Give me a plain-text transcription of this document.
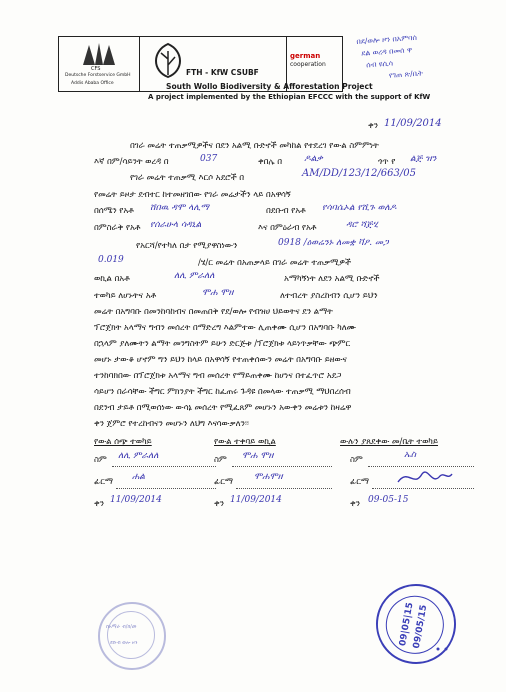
CFS
Deutsche Forstservice GmbH
Addis Ababa Office
FTH - KfW CSUBF
german
cooperation
South Wollo Biodiversity & Afforestation Project
A project implemented by the Ethiopian EFCCC with the support of KfW
በደ/ወሎ ዞን በአምባሰ
ደል ወረዳ በመሰ ዋ
ሰብ ዩሲሳ
የገጠ ጽ/ቤት
ቀን 11/09/2014
በገራ መሬት ተጠቃሚዎችና በደን አልሚ ቡድኖች መካከል የተደረገ የውል ስምምነት
እኛ በም/ሳይንት ወረዳ በ	037	ቀበሌ በ ዶልቃ	ጎጥ የ ልጅ ዝን
የገራ መሬት ተጠቃሚ እርሶ አደሮች በ	AM/DD/123/12/663/05
የመሬት ይዞታ ደብተር ከተመዘገበው የገራ መሬታችን ላይ በአዋሳኝ
በሰሜን የአቶ ሸበዉ ዳሞ ላሊማ	በደቡብ የአቶ የሳባሴኦል የሺጉ ወለዶ
በምስራቅ የአቶ የሰራሁላ ሳዳኒል	እና በምዕራብ የአቶ	ዳሮ ሻጅሂ
የአርሻ/የተካለ በታ የሚያዋስነውን	0918 /ዕወሬንኑ ለመቋ ቫዖ. መጋ
0.019	/ሄ/ር መሬት በአጠቃላይ በገራ መሬት ተጠቃሚዎች
ወኪል በአቶ	ለሊ ምራለለ	አማካኝነት ለደን አልሚ ቡድኖች
ተወካይ ለሆኑትና አቶ	ሞሐ ሞዘ	ለተብረት ያስረከብን ሲሆን ይህን
መሬት በአግባቡ በመንከባከብና በመጠበቅ የደ/ወሎ የብዝሀ ህይወትና ደን ልማት
ፕሮጀክት አላማና ግብን መሰረት በማድረግ እልምተው ሊጠቀሙ ሲሆን በአግባቡ ካለሙ
በኋላም ያለሙትን ልማት መንግስትም ይሁን ድርጅቱ /ፕሮጀክቱ ላይነጥቃቸው ጭምር
መሆኑ ታውቆ ሆኖም ግን ይህን ከላይ በአዋሳኝ የተጠቀሰውን መሬት በአግባቡ ይዘውና
ተንከባክበው በፕሮጀክቱ አላማና ግብ መሰረት የማይጠቀሙ ከሆነና በተፈጥሮ አደጋ
ሳይሆን በራሳቸው ችግር ምክንያት ችግር ከፈጠሩ ጉዳዩ በመላው ተጠቃሚ ማህበረሰብ
በደንብ ታይቶ በሚወሰነው ውሳኔ መሰረት የሚፈጸም መሆኑን አውቀን መሬቱን ከዛሬዋ
ቀን ጀምሮ የተረከብናን መሆኑን ለህግ እናሳውቃለን፡፡
የውል ሰጭ ተወካይ
ስም ለሊ ምራለለ
ፊርማ ሐል
ቀን 11/09/2014
የውል ተቀባይ ወኪል
ስም ሞሐ ሞዘ
ፊርማ ሞሐሞዘ
ቀን 11/09/2014
ውሉን ያጸደቀው መ/ቤት ተወካይ
ስም	ኤስ
ፊርማ
ቀን 09-05-15
በአማራ ብ/ክ/መ
ደቡብ ወሎ ዞን	09|05|15
09/05/15
